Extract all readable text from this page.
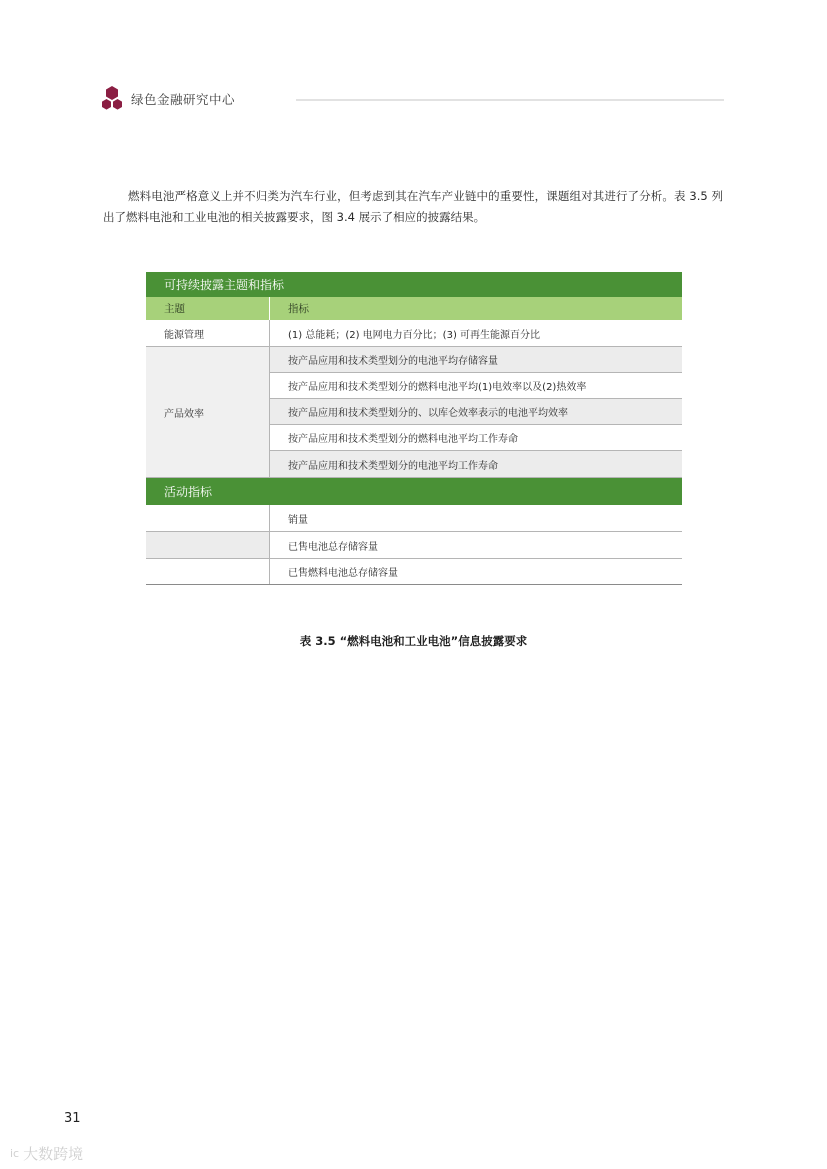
绿色金融研究中心

燃料电池严格意义上并不归类为汽车行业，但考虑到其在汽车产业链中的重要性，课题组对其进行了分析。表 3.5 列出了燃料电池和工业电池的相关披露要求，图 3.4 展示了相应的披露结果。

可持续披露主题和指标
主题	指标
能源管理	(1) 总能耗；(2) 电网电力百分比；(3) 可再生能源百分比
产品效率
按产品应用和技术类型划分的电池平均存储容量
按产品应用和技术类型划分的燃料电池平均(1)电效率以及(2)热效率
按产品应用和技术类型划分的、以库仑效率表示的电池平均效率
按产品应用和技术类型划分的燃料电池平均工作寿命
按产品应用和技术类型划分的电池平均工作寿命
活动指标
销量
已售电池总存储容量
已售燃料电池总存储容量
表 3.5 “燃料电池和工业电池”信息披露要求
31
ic 大数跨境
